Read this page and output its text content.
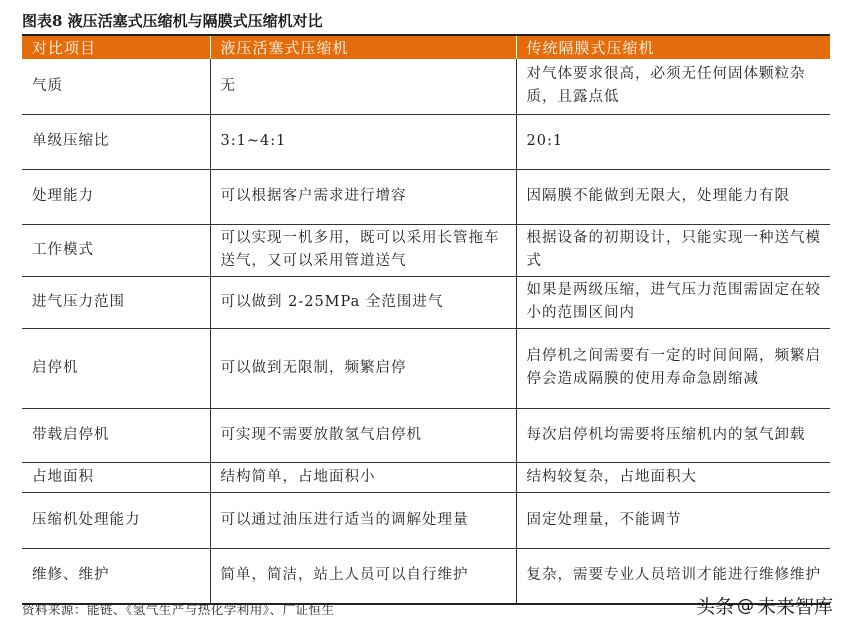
图表8 液压活塞式压缩机与隔膜式压缩机对比
对比项目	液压活塞式压缩机	传统隔膜式压缩机
气质	无	对气体要求很高，必须无任何固体颗粒杂质，且露点低
单级压缩比	3:1~4:1	20:1
处理能力	可以根据客户需求进行增容	因隔膜不能做到无限大，处理能力有限
工作模式	可以实现一机多用，既可以采用长管拖车送气，又可以采用管道送气	根据设备的初期设计，只能实现一种送气模式
进气压力范围	可以做到 2-25MPa 全范围进气	如果是两级压缩，进气压力范围需固定在较小的范围区间内
启停机	可以做到无限制，频繁启停	启停机之间需要有一定的时间间隔，频繁启停会造成隔膜的使用寿命急剧缩减
带载启停机	可实现不需要放散氢气启停机	每次启停机均需要将压缩机内的氢气卸载
占地面积	结构简单，占地面积小	结构较复杂，占地面积大
压缩机处理能力	可以通过油压进行适当的调解处理量	固定处理量，不能调节
维修、维护	简单，简洁，站上人员可以自行维护	复杂，需要专业人员培训才能进行维修维护
资料来源：能链、《氢气生产与热化学利用》、广证恒生	头条 @ 未来智库
